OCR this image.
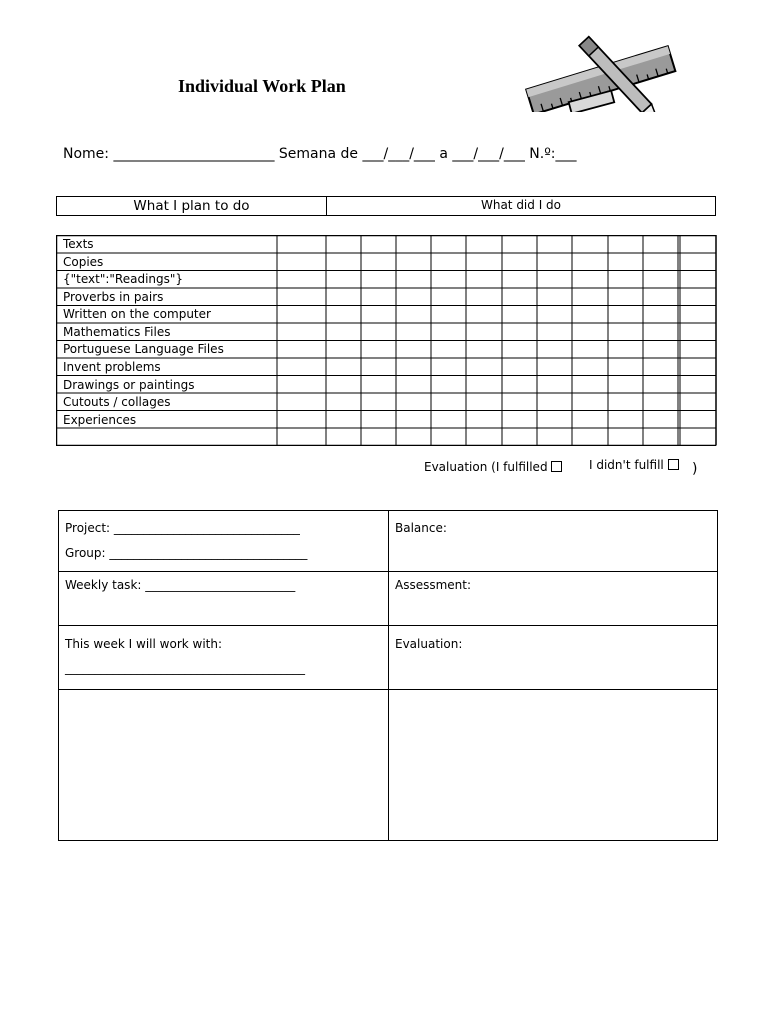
Individual Work Plan
Nome: _______________________ Semana de ___/___/___ a ___/___/___ N.º:___
What I plan to do	What did I do
Texts
Copies
{"text":"Readings"}
Proverbs in pairs
Written on the computer
Mathematics Files
Portuguese Language Files
Invent problems
Drawings or paintings
Cutouts / collages
Experiences
Evaluation (I fulfilled	I didn't fulfill	)
Project: _______________________________
Group: _________________________________
Balance:
Weekly task: _________________________	Assessment:
This week I will work with:
________________________________________
Evaluation:
